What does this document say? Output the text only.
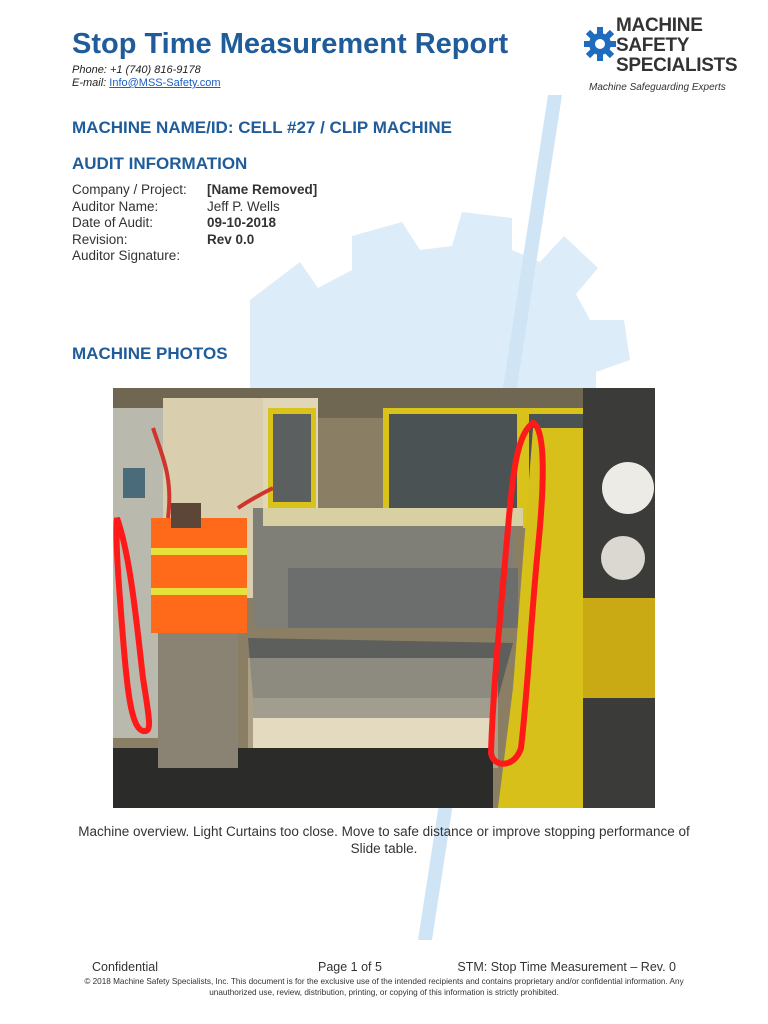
Stop Time Measurement Report
Phone: +1 (740) 816-9178
E-mail: Info@MSS-Safety.com
MACHINE
SAFETY
SPECIALISTS
Machine Safeguarding Experts
MACHINE NAME/ID: CELL #27 / CLIP MACHINE
AUDIT INFORMATION
Company / Project:	[Name Removed]
Auditor Name:	Jeff P. Wells
Date of Audit:	09-10-2018
Revision:	Rev 0.0
Auditor Signature:
MACHINE PHOTOS
Machine overview. Light Curtains too close. Move to safe distance or improve stopping performance of Slide table.
Confidential	Page 1 of 5	STM: Stop Time Measurement – Rev. 0
© 2018 Machine Safety Specialists, Inc. This document is for the exclusive use of the intended recipients and contains proprietary and/or confidential information. Any unauthorized use, review, distribution, printing, or copying of this information is strictly prohibited.
